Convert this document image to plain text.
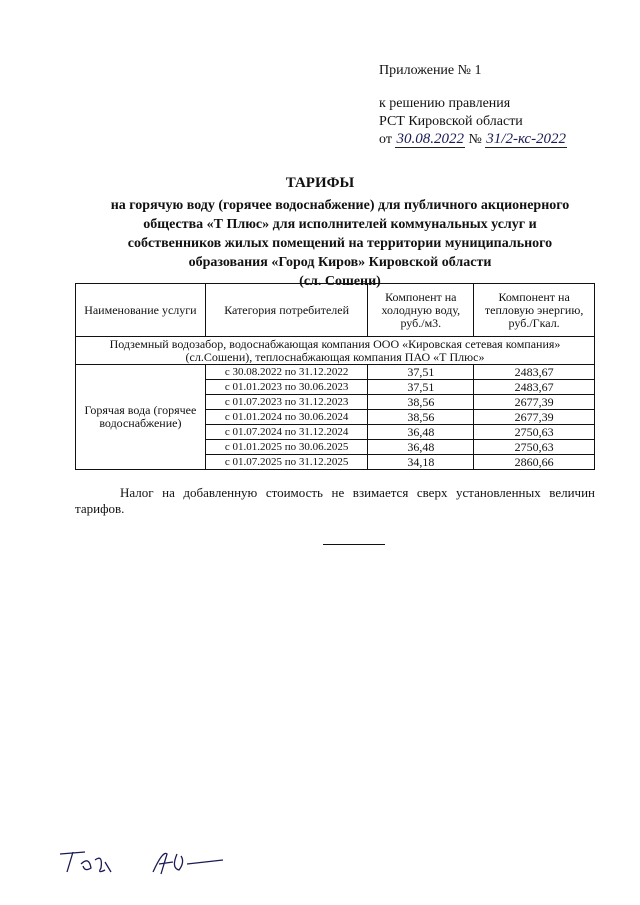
Приложение № 1
к решению правления
РСТ Кировской области
от 30.08.2022 № 31/2-кс-2022
ТАРИФЫ
на горячую воду (горячее водоснабжение) для публичного акционерного
общества «Т Плюс» для исполнителей коммунальных услуг и
собственников жилых помещений на территории муниципального
образования «Город Киров» Кировской области
(сл. Сошени)
Наименование услуги	Категория потребителей	Компонент на холодную воду, руб./м3.	Компонент на тепловую энергию, руб./Гкал.
Подземный водозабор, водоснабжающая компания ООО «Кировская сетевая компания» (сл.Сошени), теплоснабжающая компания ПАО «Т Плюс»			
Горячая вода (горячее водоснабжение)	с 30.08.2022 по 31.12.2022	37,51	2483,67
	с 01.01.2023 по 30.06.2023	37,51	2483,67
	с 01.07.2023 по 31.12.2023	38,56	2677,39
	с 01.01.2024 по 30.06.2024	38,56	2677,39
	с 01.07.2024 по 31.12.2024	36,48	2750,63
	с 01.01.2025 по 30.06.2025	36,48	2750,63
	с 01.07.2025 по 31.12.2025	34,18	2860,66
Налог на добавленную стоимость не взимается сверх установленных величин тарифов.
